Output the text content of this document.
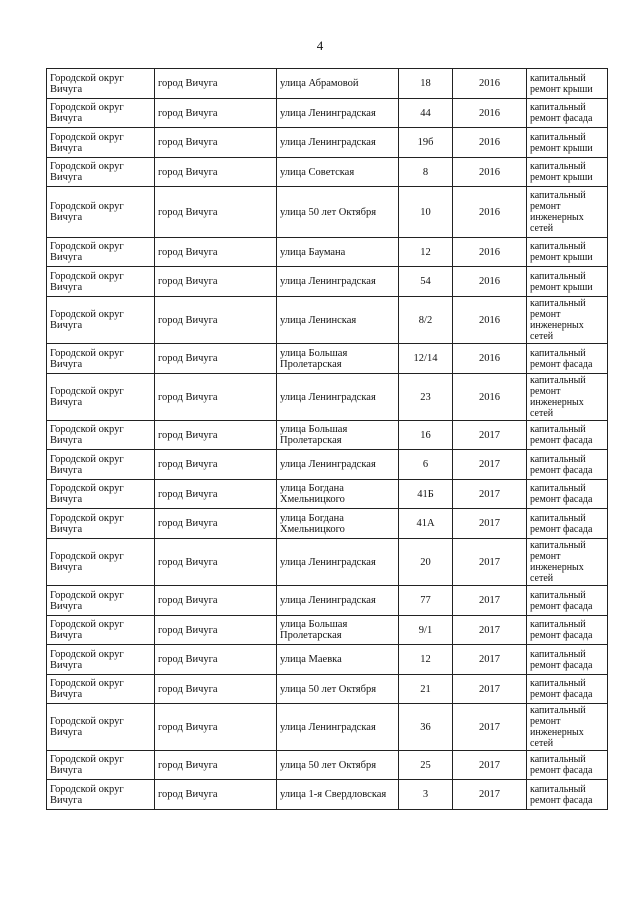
4
Городской округ Вичуга	город Вичуга	улица Абрамовой	18	2016	капитальный ремонт крыши
Городской округ Вичуга	город Вичуга	улица Ленинградская	44	2016	капитальный ремонт фасада
Городской округ Вичуга	город Вичуга	улица Ленинградская	19б	2016	капитальный ремонт крыши
Городской округ Вичуга	город Вичуга	улица Советская	8	2016	капитальный ремонт крыши
Городской округ Вичуга	город Вичуга	улица 50 лет Октября	10	2016	капитальный ремонт инженерных сетей
Городской округ Вичуга	город Вичуга	улица Баумана	12	2016	капитальный ремонт крыши
Городской округ Вичуга	город Вичуга	улица Ленинградская	54	2016	капитальный ремонт крыши
Городской округ Вичуга	город Вичуга	улица Ленинская	8/2	2016	капитальный ремонт инженерных сетей
Городской округ Вичуга	город Вичуга	улица Большая Пролетарская	12/14	2016	капитальный ремонт фасада
Городской округ Вичуга	город Вичуга	улица Ленинградская	23	2016	капитальный ремонт инженерных сетей
Городской округ Вичуга	город Вичуга	улица Большая Пролетарская	16	2017	капитальный ремонт фасада
Городской округ Вичуга	город Вичуга	улица Ленинградская	6	2017	капитальный ремонт фасада
Городской округ Вичуга	город Вичуга	улица Богдана Хмельницкого	41Б	2017	капитальный ремонт фасада
Городской округ Вичуга	город Вичуга	улица Богдана Хмельницкого	41А	2017	капитальный ремонт фасада
Городской округ Вичуга	город Вичуга	улица Ленинградская	20	2017	капитальный ремонт инженерных сетей
Городской округ Вичуга	город Вичуга	улица Ленинградская	77	2017	капитальный ремонт фасада
Городской округ Вичуга	город Вичуга	улица Большая Пролетарская	9/1	2017	капитальный ремонт фасада
Городской округ Вичуга	город Вичуга	улица Маевка	12	2017	капитальный ремонт фасада
Городской округ Вичуга	город Вичуга	улица 50 лет Октября	21	2017	капитальный ремонт фасада
Городской округ Вичуга	город Вичуга	улица Ленинградская	36	2017	капитальный ремонт инженерных сетей
Городской округ Вичуга	город Вичуга	улица 50 лет Октября	25	2017	капитальный ремонт фасада
Городской округ Вичуга	город Вичуга	улица 1-я Свердловская	3	2017	капитальный ремонт фасада
